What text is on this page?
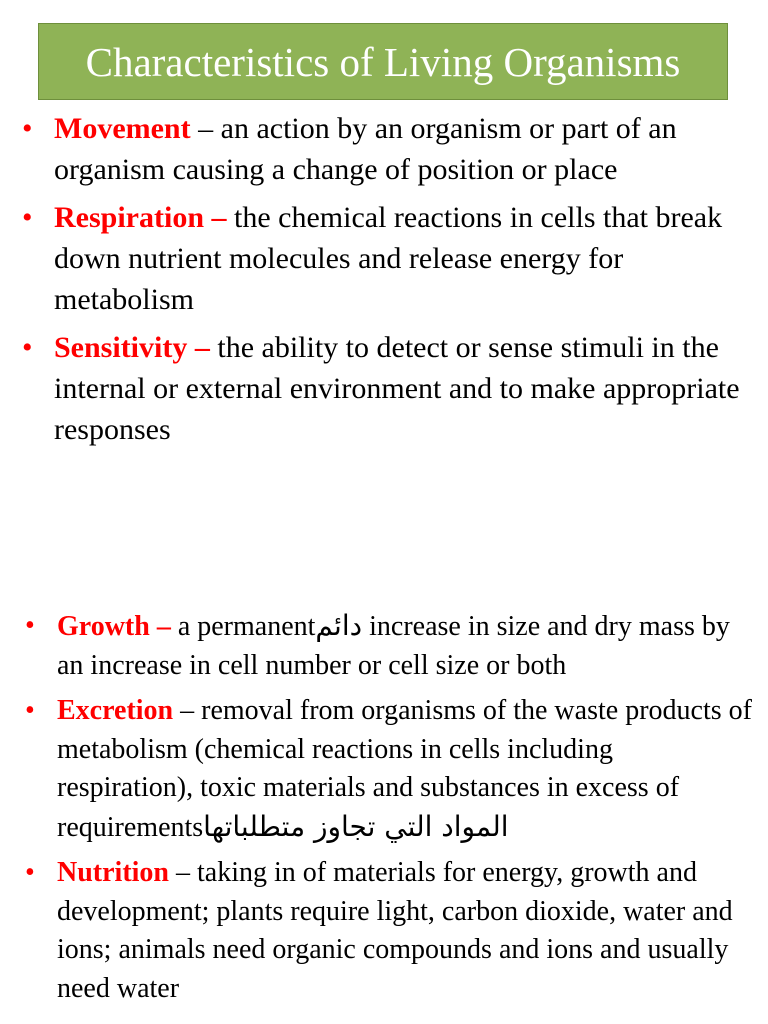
Characteristics of Living Organisms
• Movement – an action by an organism or part of an organism causing a change of position or place
• Respiration – the chemical reactions in cells that break down nutrient molecules and release energy for metabolism
• Sensitivity – the ability to detect or sense stimuli in the internal or external environment and to make appropriate responses
• Growth – a permanentدائم increase in size and dry mass by an increase in cell number or cell size or both
• Excretion – removal from organisms of the waste products of metabolism (chemical reactions in cells including respiration), toxic materials and substances in excess of requirementsالمواد التي تجاوز متطلباتها
• Nutrition – taking in of materials for energy, growth and development; plants require light, carbon dioxide, water and ions; animals need organic compounds and ions and usually need water
